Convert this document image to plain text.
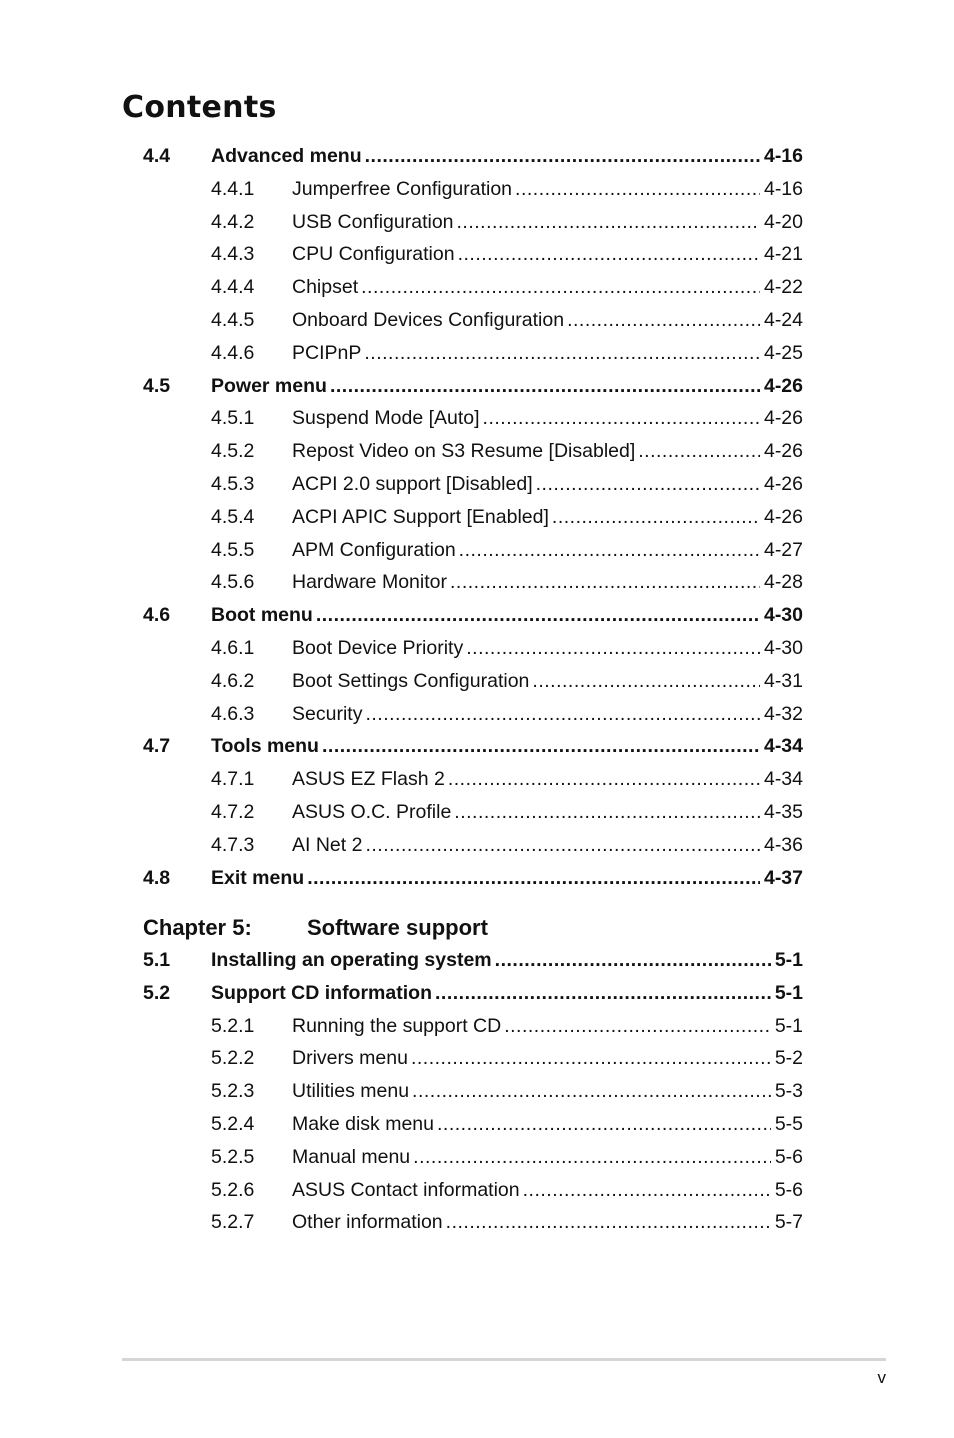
Contents
4.4 Advanced menu .....	4-16
4.4.1 Jumperfree Configuration .....	4-16
4.4.2 USB Configuration .....	4-20
4.4.3 CPU Configuration .....	4-21
4.4.4 Chipset .....	4-22
4.4.5 Onboard Devices Configuration .....	4-24
4.4.6 PCIPnP .....	4-25
4.5 Power menu .....	4-26
4.5.1 Suspend Mode [Auto] .....	4-26
4.5.2 Repost Video on S3 Resume [Disabled] .....	4-26
4.5.3 ACPI 2.0 support [Disabled] .....	4-26
4.5.4 ACPI APIC Support [Enabled] .....	4-26
4.5.5 APM Configuration .....	4-27
4.5.6 Hardware Monitor .....	4-28
4.6 Boot menu .....	4-30
4.6.1 Boot Device Priority .....	4-30
4.6.2 Boot Settings Configuration .....	4-31
4.6.3 Security .....	4-32
4.7 Tools menu .....	4-34
4.7.1 ASUS EZ Flash 2 .....	4-34
4.7.2 ASUS O.C. Profile .....	4-35
4.7.3 AI Net 2 .....	4-36
4.8 Exit menu .....	4-37
5.1 Installing an operating system .....	5-1
5.2 Support CD information .....	5-1
5.2.1 Running the support CD .....	5-1
5.2.2 Drivers menu .....	5-2
5.2.3 Utilities menu .....	5-3
5.2.4 Make disk menu .....	5-5
5.2.5 Manual menu .....	5-6
5.2.6 ASUS Contact information .....	5-6
5.2.7 Other information .....	5-7
Chapter 5:	Software support
v
